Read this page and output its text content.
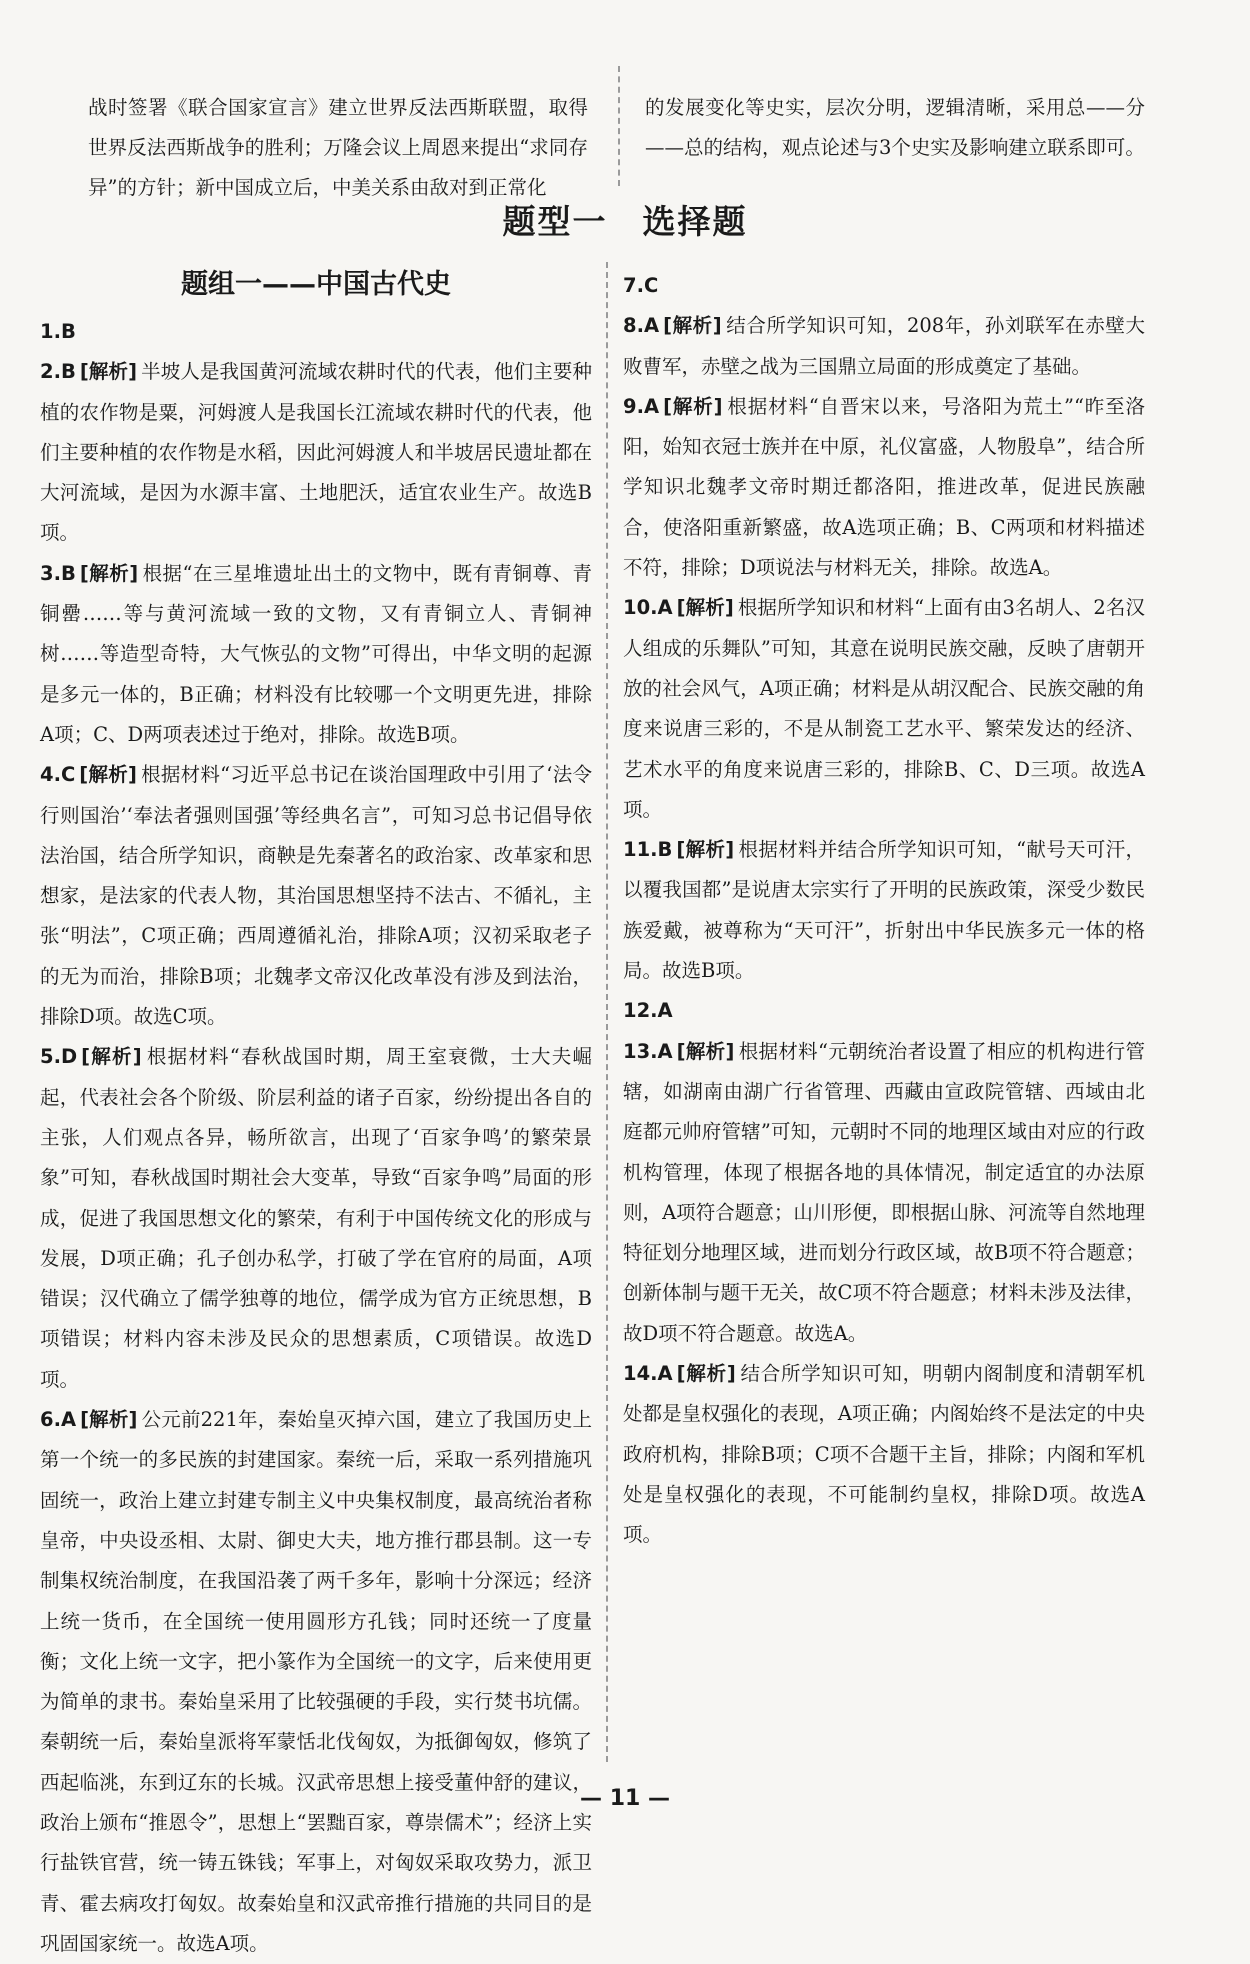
战时签署《联合国家宣言》建立世界反法西斯联盟，取得世界反法西斯战争的胜利；万隆会议上周恩来提出“求同存异”的方针；新中国成立后，中美关系由敌对到正常化

的发展变化等史实，层次分明，逻辑清晰，采用总——分——总的结构，观点论述与3个史实及影响建立联系即可。

题型一　选择题
题组一——中国古代史

1.B

2.B [解析] 半坡人是我国黄河流域农耕时代的代表，他们主要种植的农作物是粟，河姆渡人是我国长江流域农耕时代的代表，他们主要种植的农作物是水稻，因此河姆渡人和半坡居民遗址都在大河流域，是因为水源丰富、土地肥沃，适宜农业生产。故选B项。

3.B [解析] 根据“在三星堆遗址出土的文物中，既有青铜尊、青铜罍……等与黄河流域一致的文物，又有青铜立人、青铜神树……等造型奇特，大气恢弘的文物”可得出，中华文明的起源是多元一体的，B正确；材料没有比较哪一个文明更先进，排除A项；C、D两项表述过于绝对，排除。故选B项。

4.C [解析] 根据材料“习近平总书记在谈治国理政中引用了‘法令行则国治’‘奉法者强则国强’等经典名言”，可知习总书记倡导依法治国，结合所学知识，商鞅是先秦著名的政治家、改革家和思想家，是法家的代表人物，其治国思想坚持不法古、不循礼，主张“明法”，C项正确；西周遵循礼治，排除A项；汉初采取老子的无为而治，排除B项；北魏孝文帝汉化改革没有涉及到法治，排除D项。故选C项。

5.D [解析] 根据材料“春秋战国时期，周王室衰微，士大夫崛起，代表社会各个阶级、阶层利益的诸子百家，纷纷提出各自的主张，人们观点各异，畅所欲言，出现了‘百家争鸣’的繁荣景象”可知，春秋战国时期社会大变革，导致“百家争鸣”局面的形成，促进了我国思想文化的繁荣，有利于中国传统文化的形成与发展，D项正确；孔子创办私学，打破了学在官府的局面，A项错误；汉代确立了儒学独尊的地位，儒学成为官方正统思想，B项错误；材料内容未涉及民众的思想素质，C项错误。故选D项。

6.A [解析] 公元前221年，秦始皇灭掉六国，建立了我国历史上第一个统一的多民族的封建国家。秦统一后，采取一系列措施巩固统一，政治上建立封建专制主义中央集权制度，最高统治者称皇帝，中央设丞相、太尉、御史大夫，地方推行郡县制。这一专制集权统治制度，在我国沿袭了两千多年，影响十分深远；经济上统一货币，在全国统一使用圆形方孔钱；同时还统一了度量衡；文化上统一文字，把小篆作为全国统一的文字，后来使用更为简单的隶书。秦始皇采用了比较强硬的手段，实行焚书坑儒。秦朝统一后，秦始皇派将军蒙恬北伐匈奴，为抵御匈奴，修筑了西起临洮，东到辽东的长城。汉武帝思想上接受董仲舒的建议，政治上颁布“推恩令”，思想上“罢黜百家，尊崇儒术”；经济上实行盐铁官营，统一铸五铢钱；军事上，对匈奴采取攻势力，派卫青、霍去病攻打匈奴。故秦始皇和汉武帝推行措施的共同目的是巩固国家统一。故选A项。

7.C

8.A [解析] 结合所学知识可知，208年，孙刘联军在赤壁大败曹军，赤壁之战为三国鼎立局面的形成奠定了基础。

9.A [解析] 根据材料“自晋宋以来，号洛阳为荒土”“昨至洛阳，始知衣冠士族并在中原，礼仪富盛，人物殷阜”，结合所学知识北魏孝文帝时期迁都洛阳，推进改革，促进民族融合，使洛阳重新繁盛，故A选项正确；B、C两项和材料描述不符，排除；D项说法与材料无关，排除。故选A。

10.A [解析] 根据所学知识和材料“上面有由3名胡人、2名汉人组成的乐舞队”可知，其意在说明民族交融，反映了唐朝开放的社会风气，A项正确；材料是从胡汉配合、民族交融的角度来说唐三彩的，不是从制瓷工艺水平、繁荣发达的经济、艺术水平的角度来说唐三彩的，排除B、C、D三项。故选A项。

11.B [解析] 根据材料并结合所学知识可知，“献号天可汗，以覆我国都”是说唐太宗实行了开明的民族政策，深受少数民族爱戴，被尊称为“天可汗”，折射出中华民族多元一体的格局。故选B项。

12.A

13.A [解析] 根据材料“元朝统治者设置了相应的机构进行管辖，如湖南由湖广行省管理、西藏由宣政院管辖、西域由北庭都元帅府管辖”可知，元朝时不同的地理区域由对应的行政机构管理，体现了根据各地的具体情况，制定适宜的办法原则，A项符合题意；山川形便，即根据山脉、河流等自然地理特征划分地理区域，进而划分行政区域，故B项不符合题意；创新体制与题干无关，故C项不符合题意；材料未涉及法律，故D项不符合题意。故选A。

14.A [解析] 结合所学知识可知，明朝内阁制度和清朝军机处都是皇权强化的表现，A项正确；内阁始终不是法定的中央政府机构，排除B项；C项不合题干主旨，排除；内阁和军机处是皇权强化的表现，不可能制约皇权，排除D项。故选A项。

— 11 —
